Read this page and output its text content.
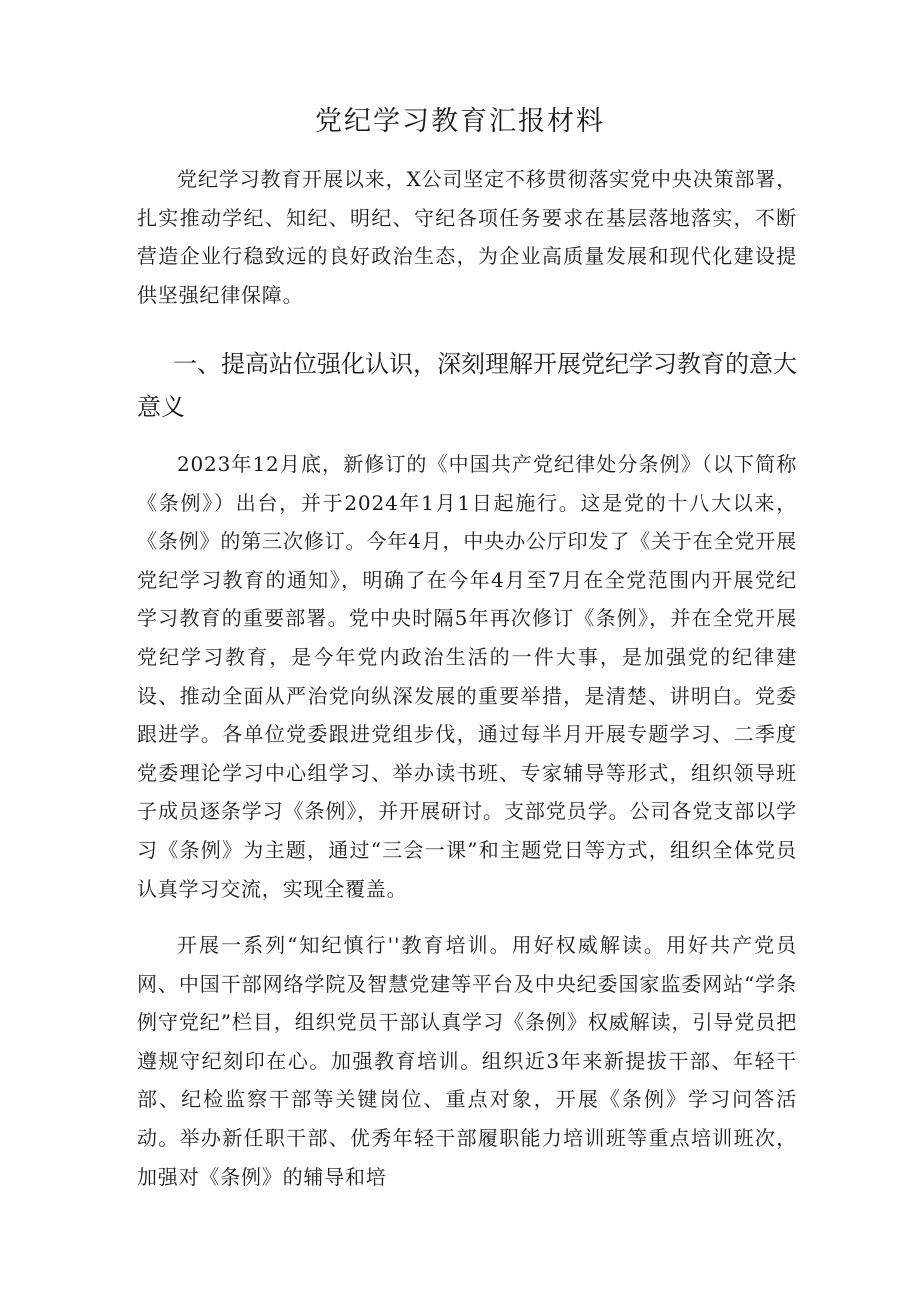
党纪学习教育汇报材料

党纪学习教育开展以来，X公司坚定不移贯彻落实党中央决策部署，扎实推动学纪、知纪、明纪、守纪各项任务要求在基层落地落实，不断营造企业行稳致远的良好政治生态，为企业高质量发展和现代化建设提供坚强纪律保障。

一、提高站位强化认识，深刻理解开展党纪学习教育的意大意义

2023年12月底，新修订的《中国共产党纪律处分条例》（以下简称《条例》）出台，并于2024年1月1日起施行。这是党的十八大以来，《条例》的第三次修订。今年4月，中央办公厅印发了《关于在全党开展党纪学习教育的通知》，明确了在今年4月至7月在全党范围内开展党纪学习教育的重要部署。党中央时隔5年再次修订《条例》，并在全党开展党纪学习教育，是今年党内政治生活的一件大事，是加强党的纪律建设、推动全面从严治党向纵深发展的重要举措，是清楚、讲明白。党委跟进学。各单位党委跟进党组步伐，通过每半月开展专题学习、二季度党委理论学习中心组学习、举办读书班、专家辅导等形式，组织领导班子成员逐条学习《条例》，并开展研讨。支部党员学。公司各党支部以学习《条例》为主题，通过“三会一课”和主题党日等方式，组织全体党员认真学习交流，实现全覆盖。

开展一系列“知纪慎行''教育培训。用好权威解读。用好共产党员网、中国干部网络学院及智慧党建等平台及中央纪委国家监委网站“学条例守党纪”栏目，组织党员干部认真学习《条例》权威解读，引导党员把遵规守纪刻印在心。加强教育培训。组织近3年来新提拔干部、年轻干部、纪检监察干部等关键岗位、重点对象，开展《条例》学习问答活动。举办新任职干部、优秀年轻干部履职能力培训班等重点培训班次，加强对《条例》的辅导和培
